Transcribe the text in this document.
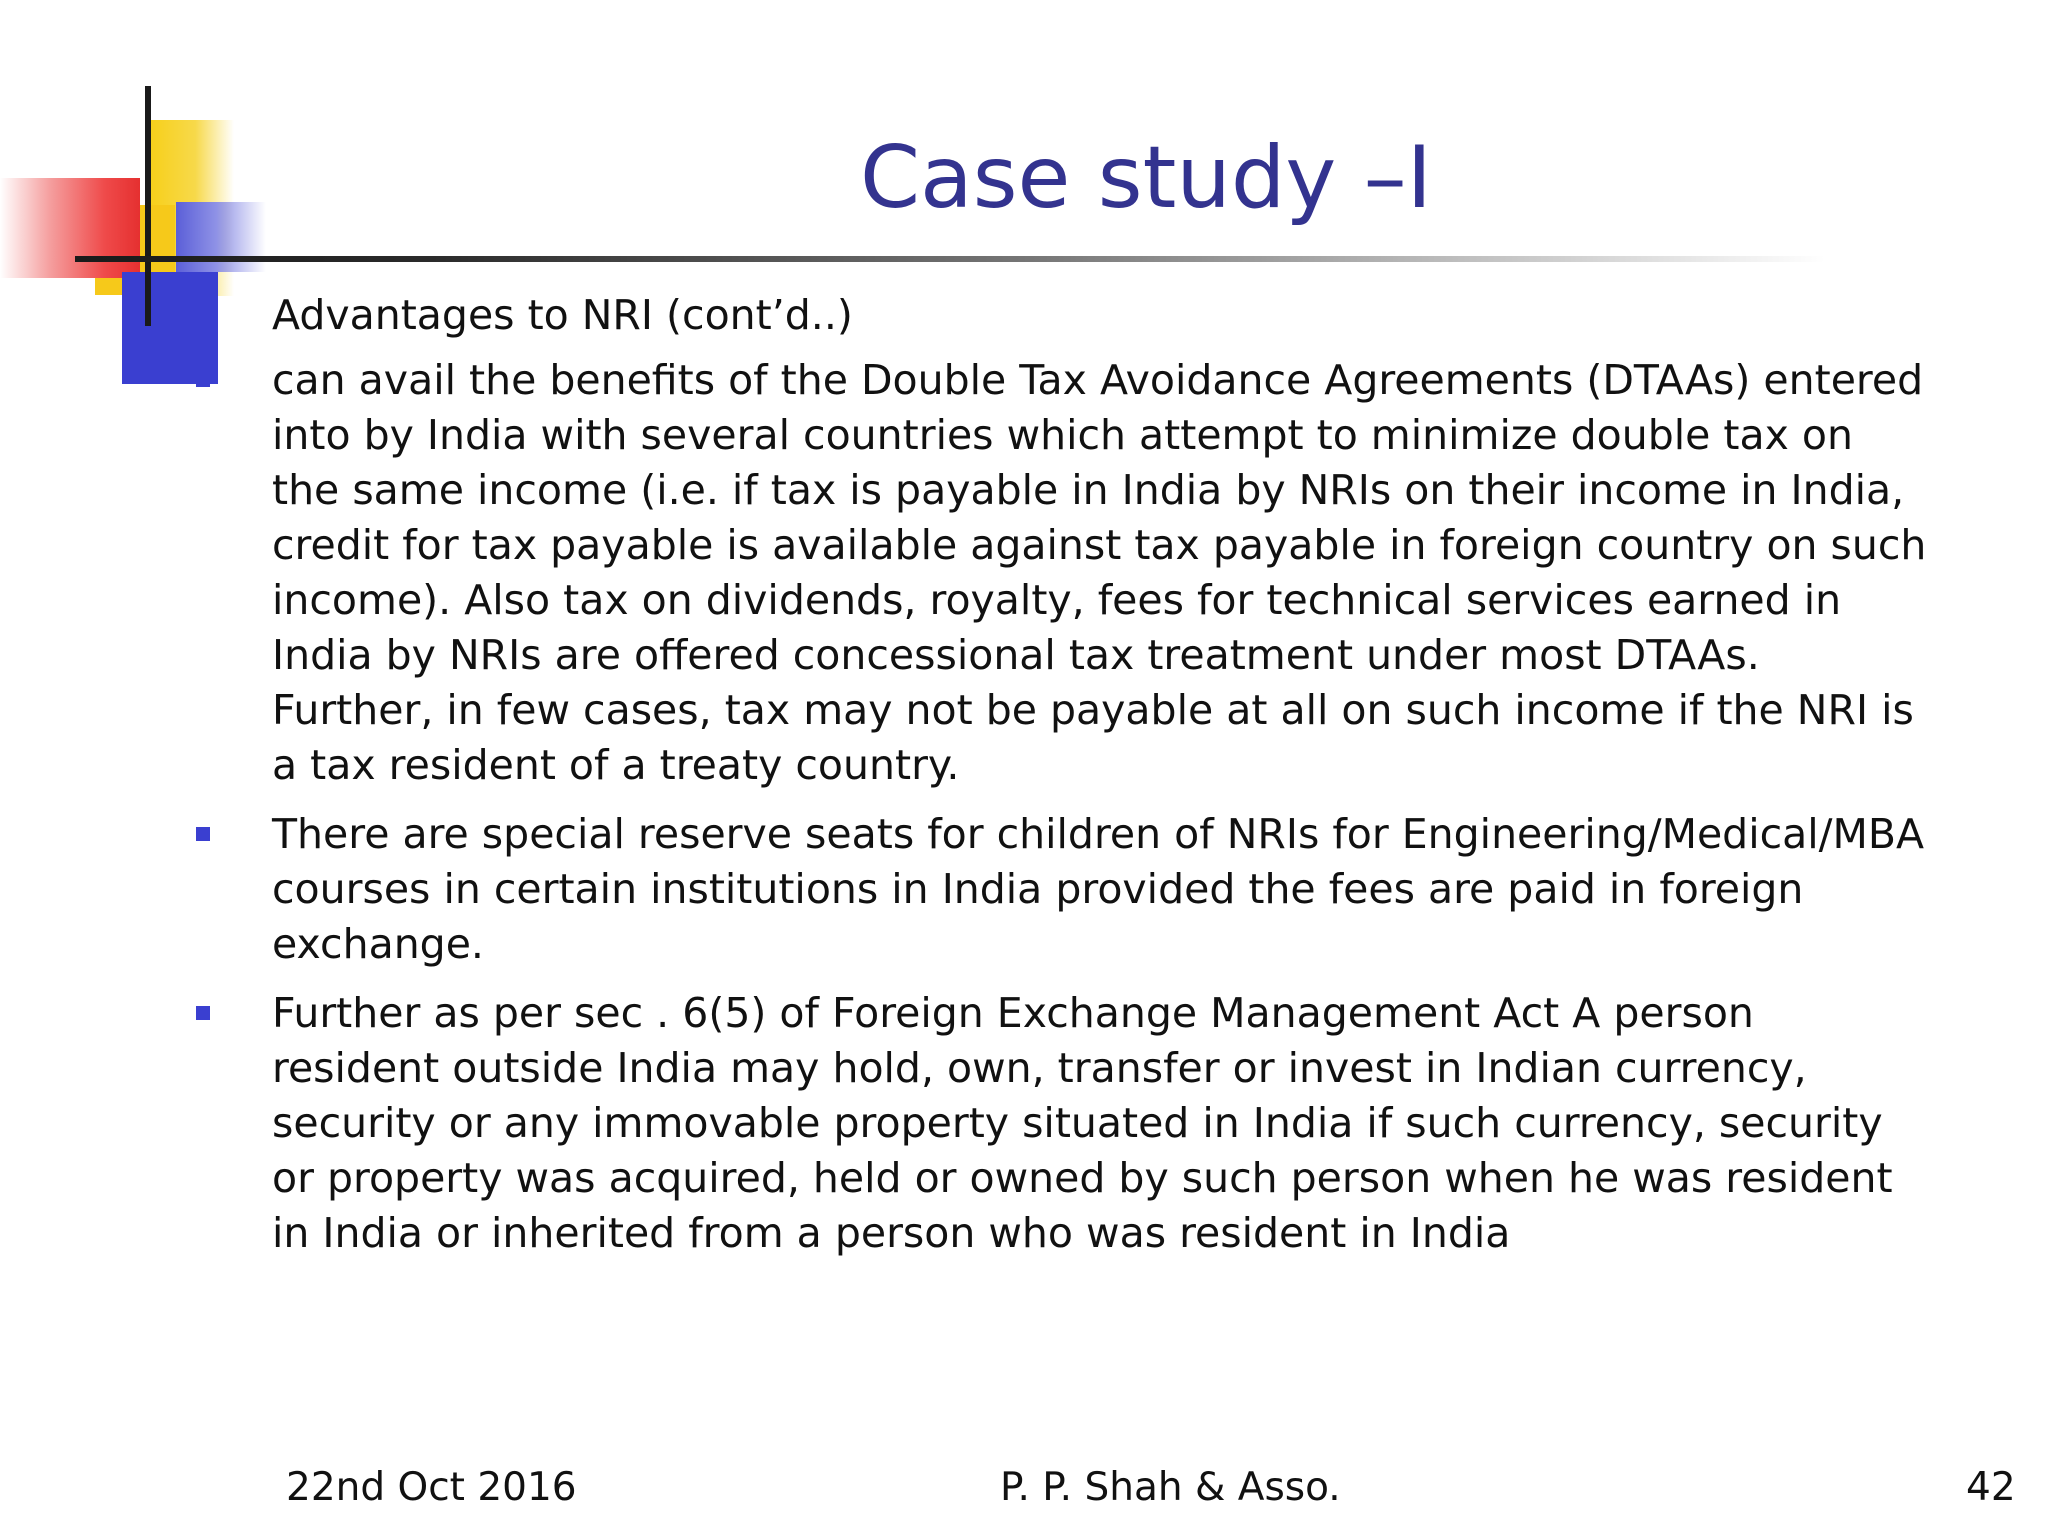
Case study –I
Advantages to NRI (cont’d..)
can avail the benefits of the Double Tax Avoidance Agreements (DTAAs) entered into by India with several countries which attempt to minimize double tax on the same income (i.e. if tax is payable in India by NRIs on their income in India, credit for tax payable is available against tax payable in foreign country on such income). Also tax on dividends, royalty, fees for technical services earned in India by NRIs are offered concessional tax treatment under most DTAAs. Further, in few cases, tax may not be payable at all on such income if the NRI is a tax resident of a treaty country.
There are special reserve seats for children of NRIs for Engineering/Medical/MBA courses in certain institutions in India provided the fees are paid in foreign exchange.
Further as per sec . 6(5) of Foreign Exchange Management Act A person resident outside India may hold, own, transfer or invest in Indian currency, security or any immovable property situated in India if such currency, security or property was acquired, held or owned by such person when he was resident in India or inherited from a person who was resident in India
22nd Oct 2016	P. P. Shah & Asso.	42
